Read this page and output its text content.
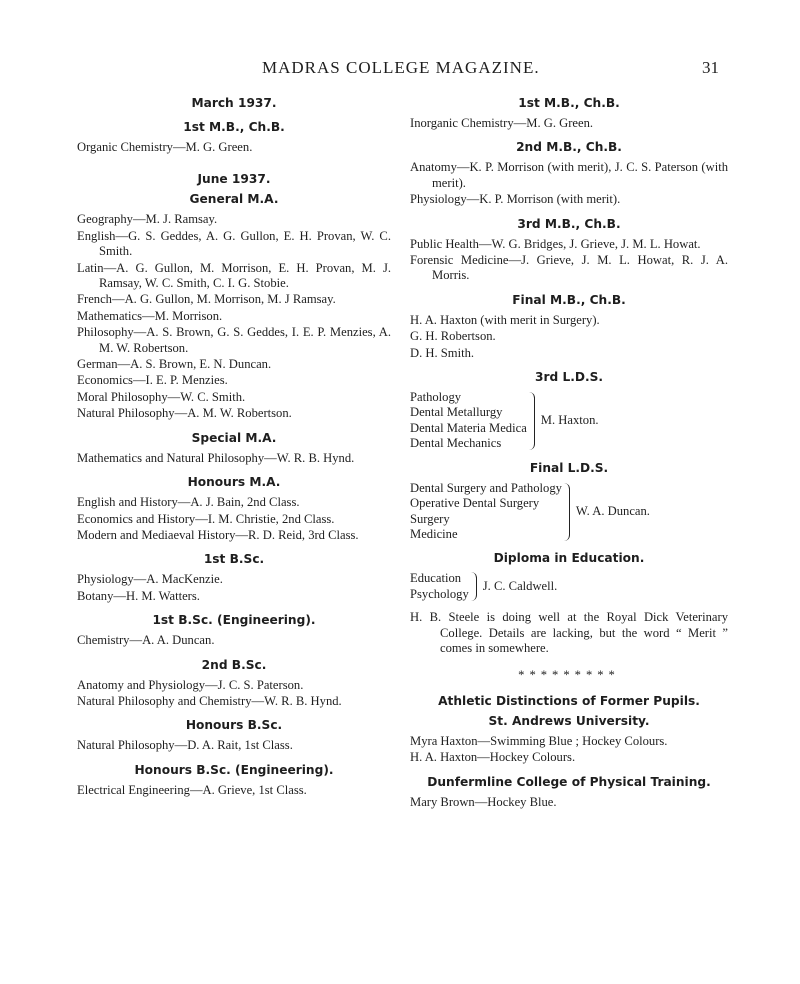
MADRAS COLLEGE MAGAZINE.	31
March 1937.
1st M.B., Ch.B.

Organic Chemistry—M. G. Green.

June 1937.
General M.A.

Geography—M. J. Ramsay.

English—G. S. Geddes, A. G. Gullon, E. H. Provan, W. C. Smith.

Latin—A. G. Gullon, M. Morrison, E. H. Provan, M. J. Ramsay, W. C. Smith, C. I. G. Stobie.

French—A. G. Gullon, M. Morrison, M. J Ramsay.

Mathematics—M. Morrison.

Philosophy—A. S. Brown, G. S. Geddes, I. E. P. Menzies, A. M. W. Robertson.

German—A. S. Brown, E. N. Duncan.

Economics—I. E. P. Menzies.

Moral Philosophy—W. C. Smith.

Natural Philosophy—A. M. W. Robertson.

Special M.A.

Mathematics and Natural Philosophy—W. R. B. Hynd.

Honours M.A.

English and History—A. J. Bain, 2nd Class.

Economics and History—I. M. Christie, 2nd Class.

Modern and Mediaeval History—R. D. Reid, 3rd Class.

1st B.Sc.

Physiology—A. MacKenzie.

Botany—H. M. Watters.

1st B.Sc. (Engineering).

Chemistry—A. A. Duncan.

2nd B.Sc.

Anatomy and Physiology—J. C. S. Paterson.

Natural Philosophy and Chemistry—W. R. B. Hynd.

Honours B.Sc.

Natural Philosophy—D. A. Rait, 1st Class.

Honours B.Sc. (Engineering).

Electrical Engineering—A. Grieve, 1st Class.

1st M.B., Ch.B.

Inorganic Chemistry—M. G. Green.

2nd M.B., Ch.B.

Anatomy—K. P. Morrison (with merit), J. C. S. Paterson (with merit).

Physiology—K. P. Morrison (with merit).

3rd M.B., Ch.B.

Public Health—W. G. Bridges, J. Grieve, J. M. L. Howat.

Forensic Medicine—J. Grieve, J. M. L. Howat, R. J. A. Morris.

Final M.B., Ch.B.

H. A. Haxton (with merit in Surgery).

G. H. Robertson.

D. H. Smith.

3rd L.D.S.
Pathology
Dental Metallurgy
Dental Materia Medica
Dental Mechanics
M. Haxton.
Final L.D.S.
Dental Surgery and Pathology
Operative Dental Surgery
Surgery
Medicine
W. A. Duncan.
Diploma in Education.
Education
Psychology
J. C. Caldwell.

H. B. Steele is doing well at the Royal Dick Veterinary College. Details are lacking, but the word “ Merit ” comes in somewhere.

*********
Athletic Distinctions of Former Pupils.
St. Andrews University.

Myra Haxton—Swimming Blue ; Hockey Colours.

H. A. Haxton—Hockey Colours.

Dunfermline College of Physical Training.

Mary Brown—Hockey Blue.
